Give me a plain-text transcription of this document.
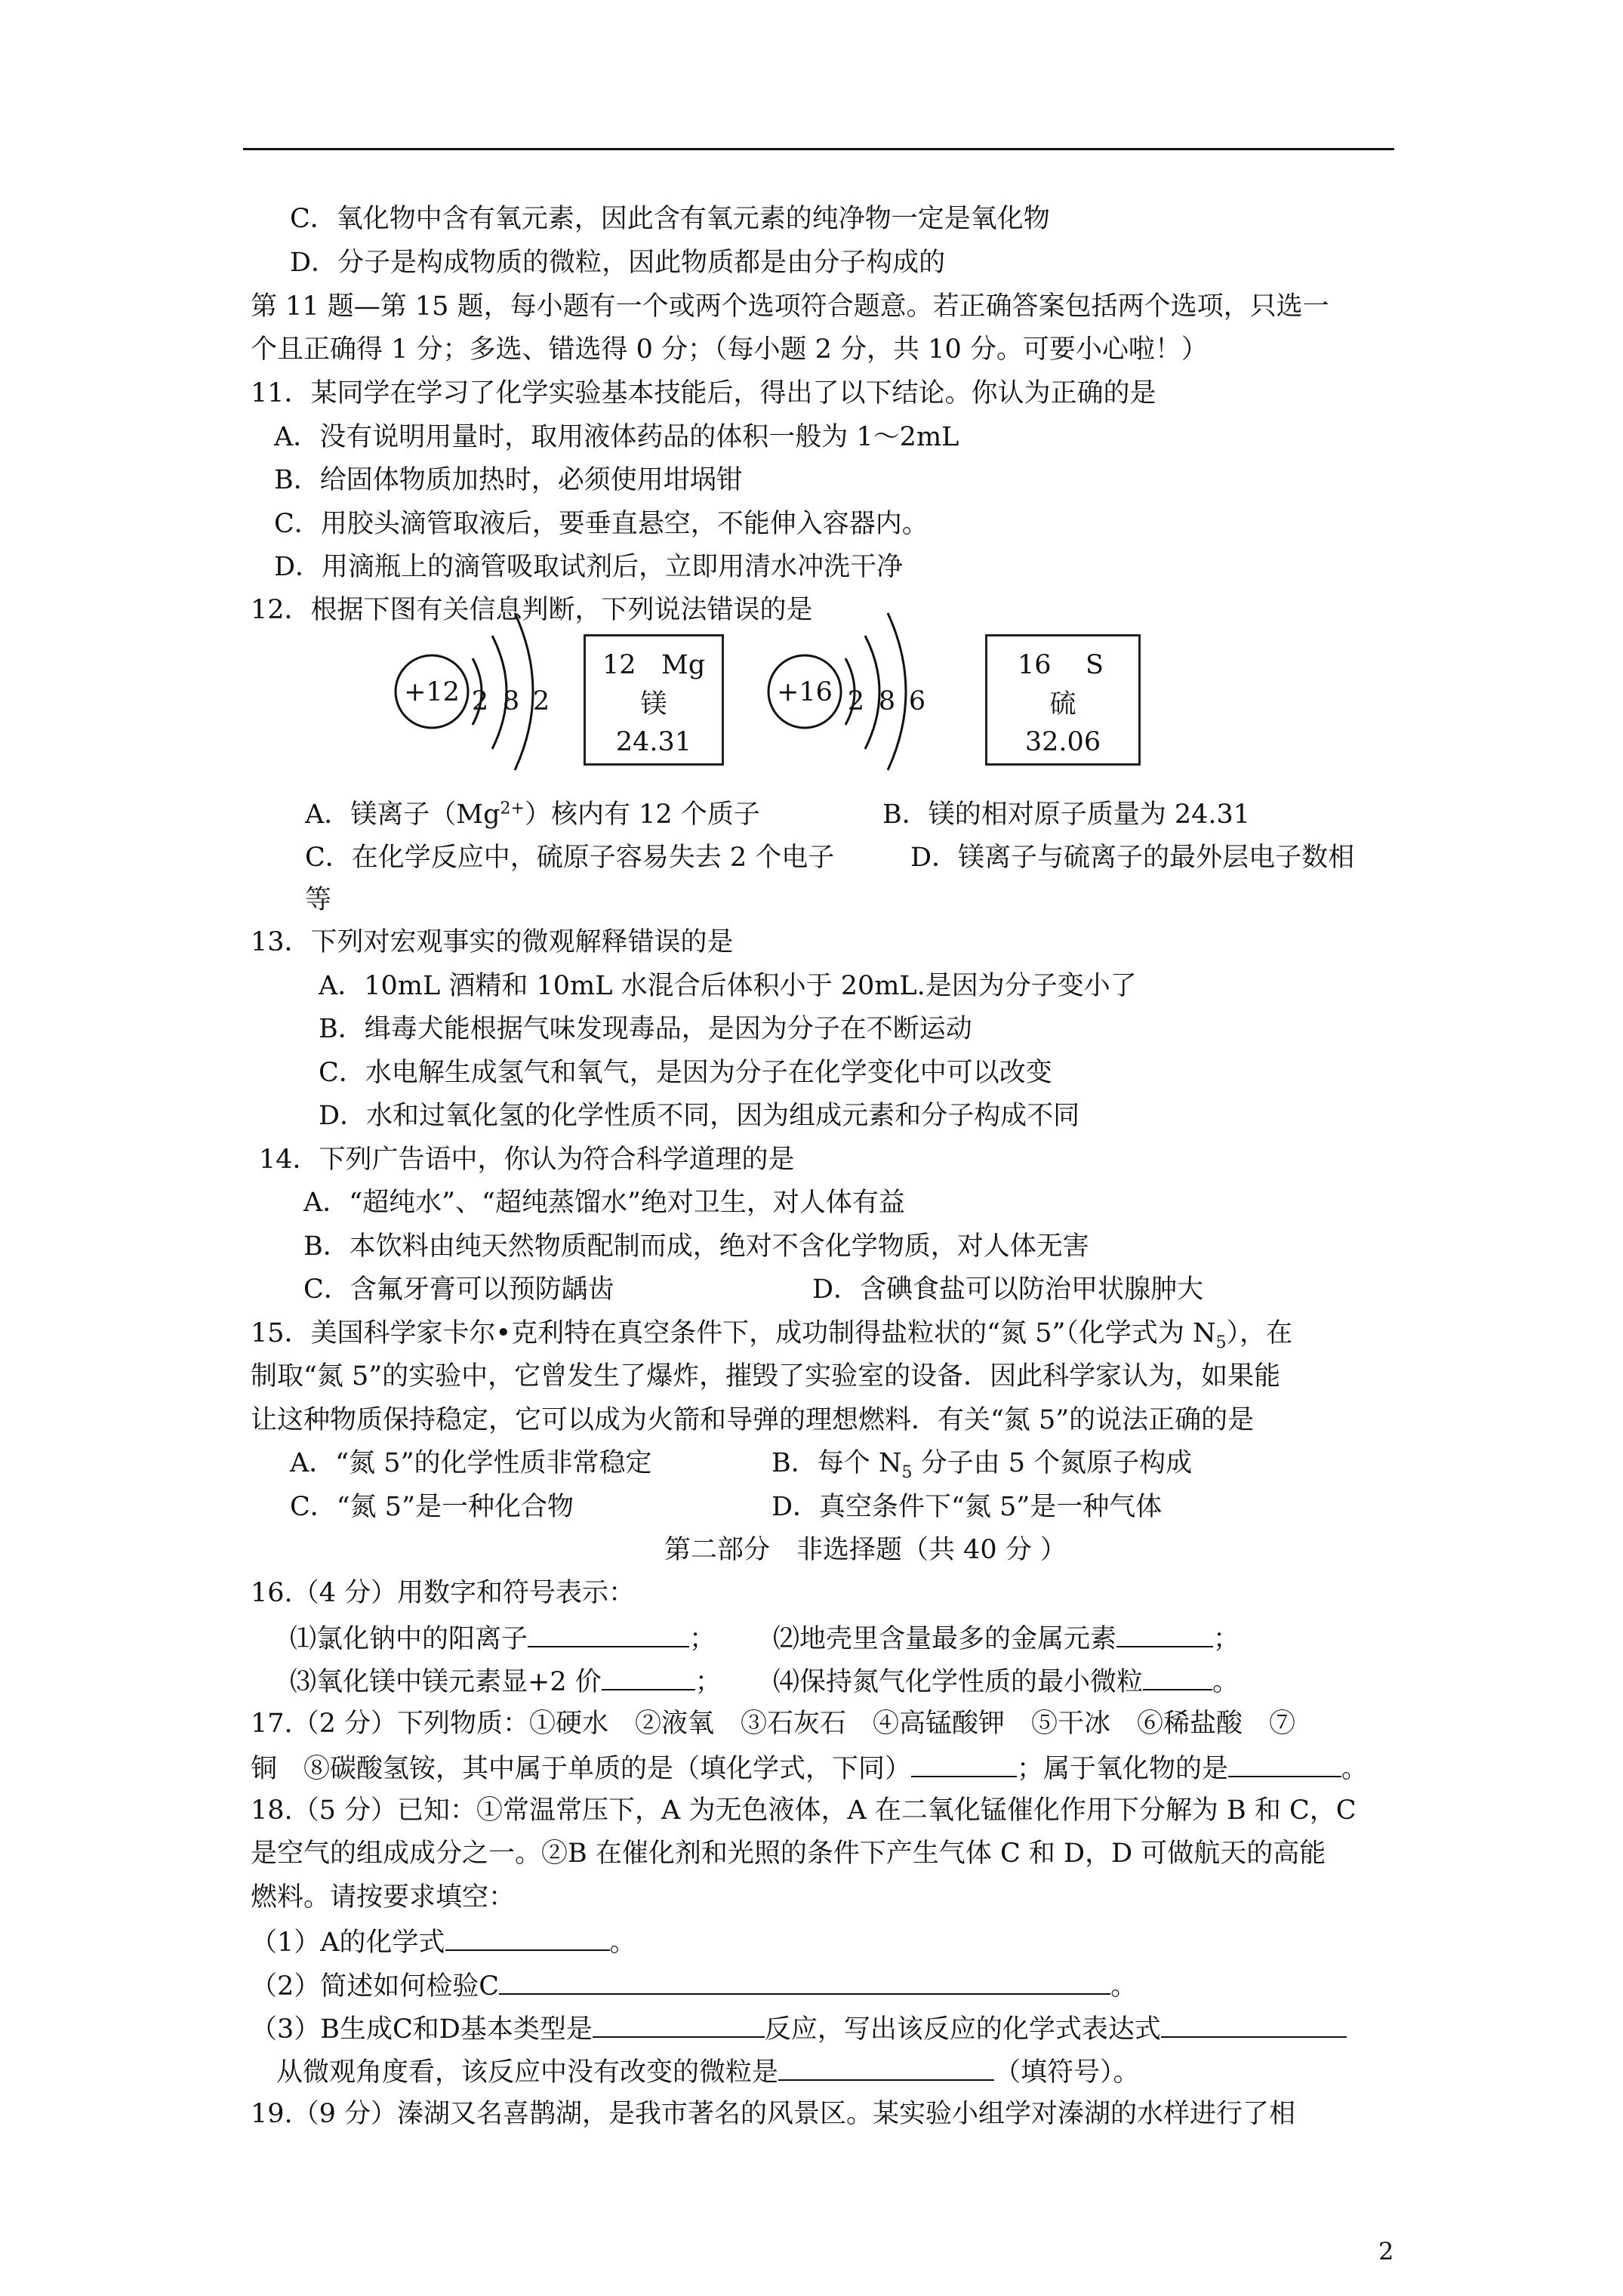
C．氧化物中含有氧元素，因此含有氧元素的纯净物一定是氧化物
D．分子是构成物质的微粒，因此物质都是由分子构成的
第 11 题—第 15 题，每小题有一个或两个选项符合题意。若正确答案包括两个选项，只选一
个且正确得 1 分；多选、错选得 0 分；（每小题 2 分，共 10 分。可要小心啦！）
11．某同学在学习了化学实验基本技能后，得出了以下结论。你认为正确的是
A．没有说明用量时，取用液体药品的体积一般为 1～2mL
B．给固体物质加热时，必须使用坩埚钳
C．用胶头滴管取液后，要垂直悬空，不能伸入容器内。
D．用滴瓶上的滴管吸取试剂后，立即用清水冲洗干净
12．根据下图有关信息判断，下列说法错误的是
+12 2 8 2	+16 2 8 6
12 Mg
镁
24.31
16	S
硫
32.06
A．镁离子$(Mg^{2+})$核内有 12 个质子	B．镁的相对原子质量为 24.31
C．在化学反应中，硫原子容易失去 2 个电子	D．镁离子与硫离子的最外层电子数相
等
13．下列对宏观事实的微观解释错误的是
A．10mL 酒精和 10mL 水混合后体积小于 20mL.是因为分子变小了
B．缉毒犬能根据气味发现毒品，是因为分子在不断运动
C．水电解生成氢气和氧气，是因为分子在化学变化中可以改变
D．水和过氧化氢的化学性质不同，因为组成元素和分子构成不同
14．下列广告语中，你认为符合科学道理的是
A．“超纯水”、“超纯蒸馏水”绝对卫生，对人体有益
B．本饮料由纯天然物质配制而成，绝对不含化学物质，对人体无害
C．含氟牙膏可以预防龋齿	D．含碘食盐可以防治甲状腺肿大
15．美国科学家卡尔•克利特在真空条件下，成功制得盐粒状的“氮 5”（化学式为 $N_5$），在
制取“氮 5”的实验中，它曾发生了爆炸，摧毁了实验室的设备．因此科学家认为，如果能
让这种物质保持稳定，它可以成为火箭和导弹的理想燃料．有关“氮 5”的说法正确的是
A．“氮 5”的化学性质非常稳定	B．每个 $N_5$ 分子由 5 个氮原子构成
C．“氮 5”是一种化合物	D．真空条件下“氮 5”是一种气体
第二部分　非选择题（共 40 分 ）
16.（4 分）用数字和符号表示：
⑴氯化钠中的阳离子	； ⑵地壳里含量最多的金属元素	；
⑶氧化镁中镁元素显+2 价	； ⑷保持氮气化学性质的最小微粒	。
17.（2 分）下列物质：①硬水　②液氧　③石灰石　④高锰酸钾　⑤干冰　⑥稀盐酸　⑦
铜　⑧碳酸氢铵，其中属于单质的是（填化学式，下同）	；属于氧化物的是	。
18.（5 分）已知：①常温常压下，A 为无色液体，A 在二氧化锰催化作用下分解为 B 和 C，C
是空气的组成成分之一。②B 在催化剂和光照的条件下产生气体 C 和 D，D 可做航天的高能
燃料。请按要求填空：
（1）A的化学式	。
（2）简述如何检验C	。
（3）B生成C和D基本类型是	反应，写出该反应的化学式表达式
从微观角度看，该反应中没有改变的微粒是	（填符号）。
19.（9 分）溱湖又名喜鹊湖，是我市著名的风景区。某实验小组学对溱湖的水样进行了相
2
